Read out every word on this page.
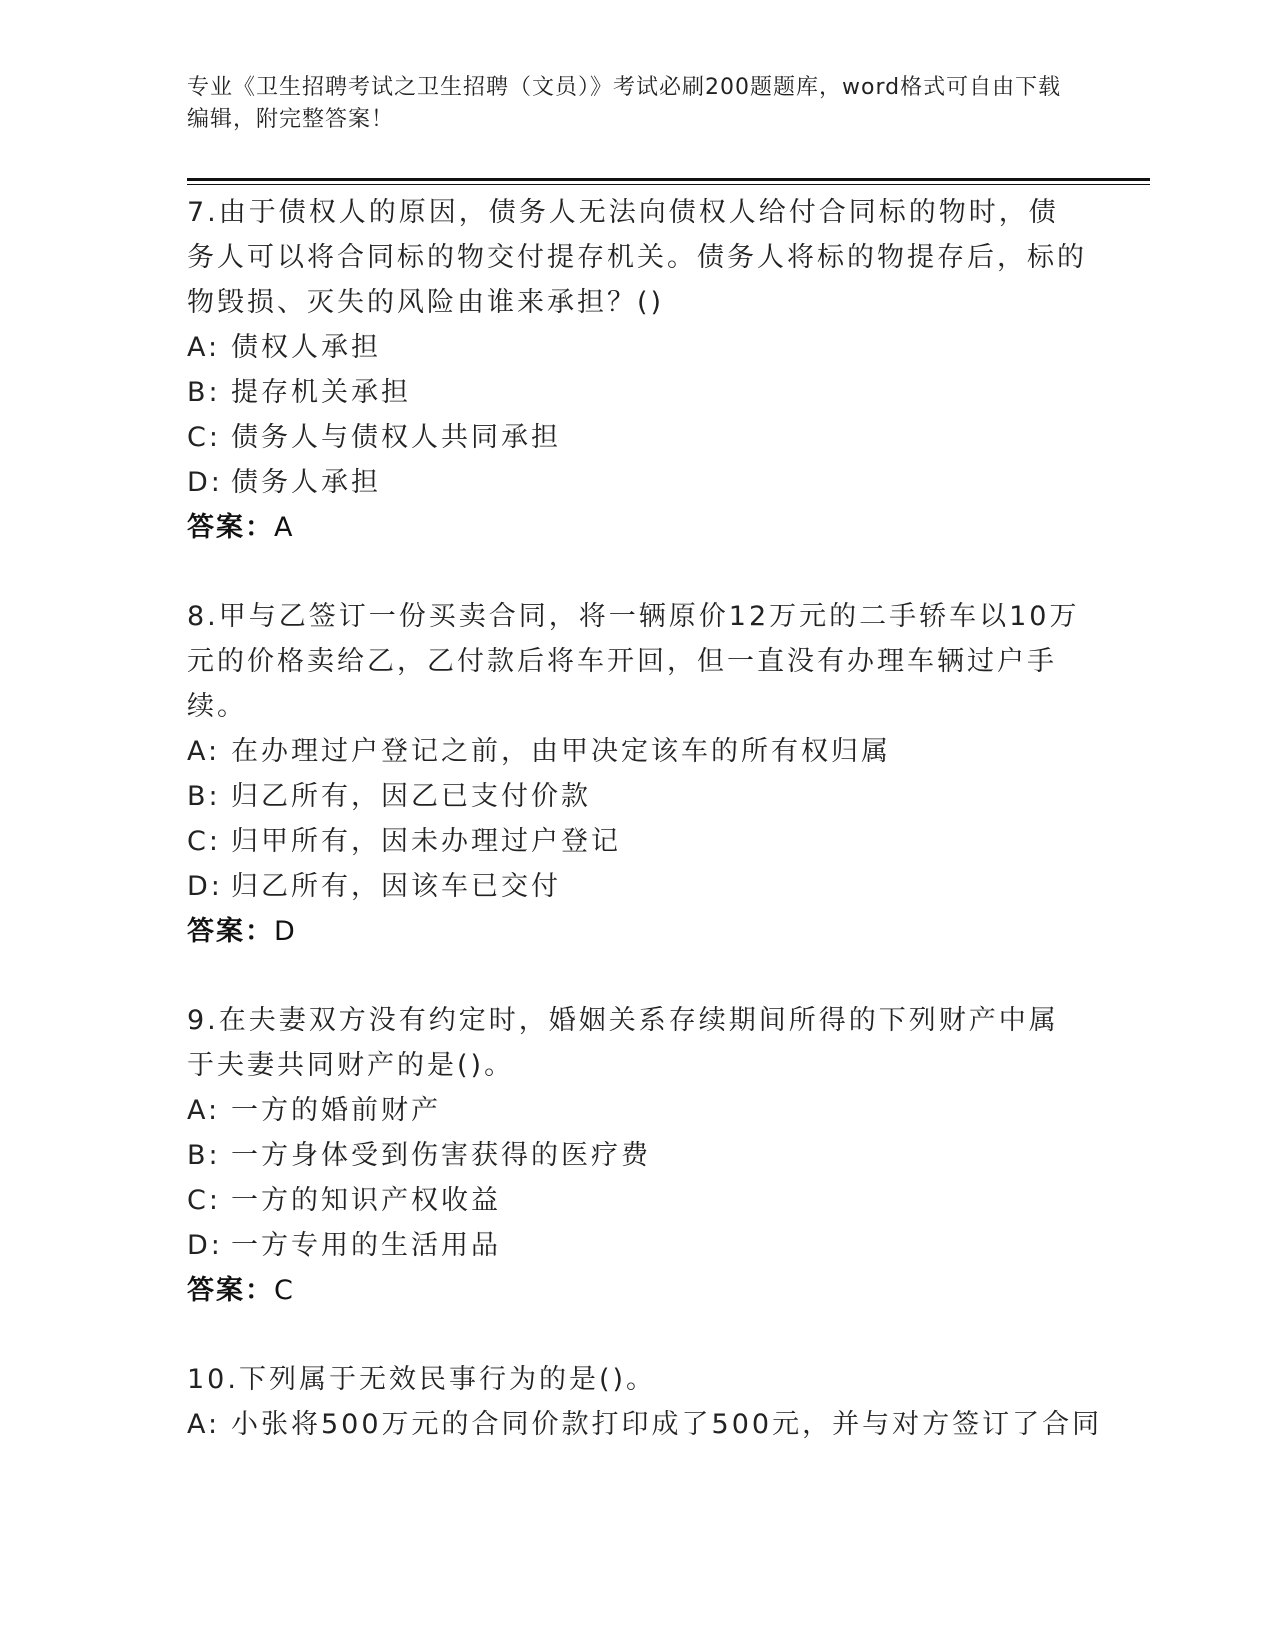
专业《卫生招聘考试之卫生招聘（文员）》考试必刷200题题库，word格式可自由下载编辑，附完整答案！
7.由于债权人的原因，债务人无法向债权人给付合同标的物时，债务人可以将合同标的物交付提存机关。债务人将标的物提存后，标的物毁损、灭失的风险由谁来承担？()
A: 债权人承担
B: 提存机关承担
C: 债务人与债权人共同承担
D: 债务人承担
答案：A
8.甲与乙签订一份买卖合同，将一辆原价12万元的二手轿车以10万元的价格卖给乙，乙付款后将车开回，但一直没有办理车辆过户手续。
A: 在办理过户登记之前，由甲决定该车的所有权归属
B: 归乙所有，因乙已支付价款
C: 归甲所有，因未办理过户登记
D: 归乙所有，因该车已交付
答案：D
9.在夫妻双方没有约定时，婚姻关系存续期间所得的下列财产中属于夫妻共同财产的是()。
A: 一方的婚前财产
B: 一方身体受到伤害获得的医疗费
C: 一方的知识产权收益
D: 一方专用的生活用品
答案：C
10.下列属于无效民事行为的是()。
A: 小张将500万元的合同价款打印成了500元，并与对方签订了合同
